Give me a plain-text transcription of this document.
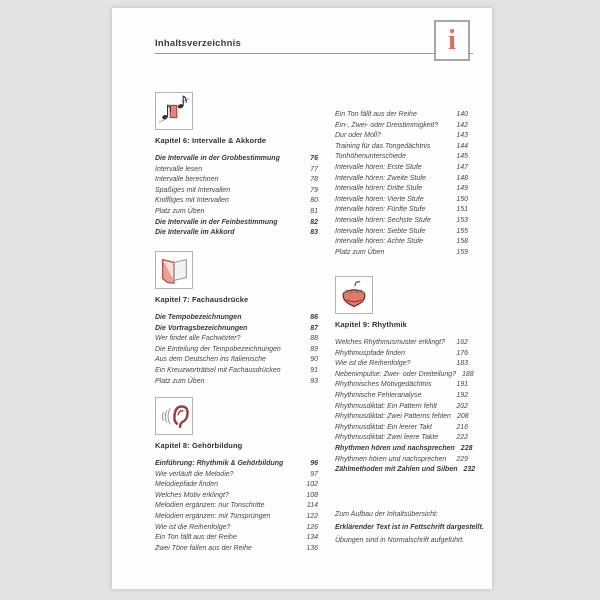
Inhaltsverzeichnis	i
Kapitel 6: Intervalle & Akkorde
Die Intervalle in der Grobbestimmung	76
Intervalle lesen	77
Intervalle berechnen	78
Spaßiges mit Intervallen	79
Kniffliges mit Intervallen	80
Platz zum Üben	81
Die Intervalle in der Feinbestimmung	82
Die Intervalle im Akkord	83
Kapitel 7: Fachausdrücke
Die Tempobezeichnungen	86
Die Vortragsbezeichnungen	87
Wer findet alle Fachwörter?	88
Die Einteilung der Tempobezeichnungen	89
Aus dem Deutschen ins Italienische	90
Ein Kreuzworträtsel mit Fachausdrücken	91
Platz zum Üben	93
Kapitel 8: Gehörbildung
Einführung: Rhythmik & Gehörbildung	96
Wie verläuft die Melodie?	97
Melodiepfade finden	102
Welches Motiv erklingt?	108
Melodien ergänzen: nur Tonschritte	114
Melodien ergänzen: mit Tonsprüngen	122
Wie ist die Reihenfolge?	126
Ein Ton fällt aus der Reihe	134
Zwei Töne fallen aus der Reihe	136
Ein Ton fällt aus der Reihe	140
Ein-, Zwei- oder Dreistimmigkeit?	142
Dur oder Moll?	143
Training für das Tongedächtnis	144
Tonhöhenunterschiede	145
Intervalle hören: Erste Stufe	147
Intervalle hören: Zweite Stufe	148
Intervalle hören: Dritte Stufe	149
Intervalle hören: Vierte Stufe	150
Intervalle hören: Fünfte Stufe	151
Intervalle hören: Sechste Stufe	153
Intervalle hören: Siebte Stufe	155
Intervalle hören: Achte Stufe	158
Platz zum Üben	159
Kapitel 9: Rhythmik
Welches Rhythmusmuster erklingt? 162
Rhythmuspfade finden	176
Wie ist die Reihenfolge?	183
Nebenimpulse: Zwei- oder Dreiteilung? 188
Rhythmisches Motivgedächtnis	191
Rhythmische Fehleranalyse	192
Rhythmusdiktat: Ein Pattern fehlt	202
Rhythmusdiktat: Zwei Patterns fehlen 208
Rhythmusdiktat: Ein leerer Takt	216
Rhythmusdiktat: Zwei leere Takte	222
Rhythmen hören und nachsprechen 228
Rhythmen hören und nachsprechen 229
Zählmethoden mit Zahlen und Silben 232
Zum Aufbau der Inhaltsübersicht:
Erklärender Text ist in Fettschrift dargestellt.
Übungen sind in Normalschrift aufgeführt.
